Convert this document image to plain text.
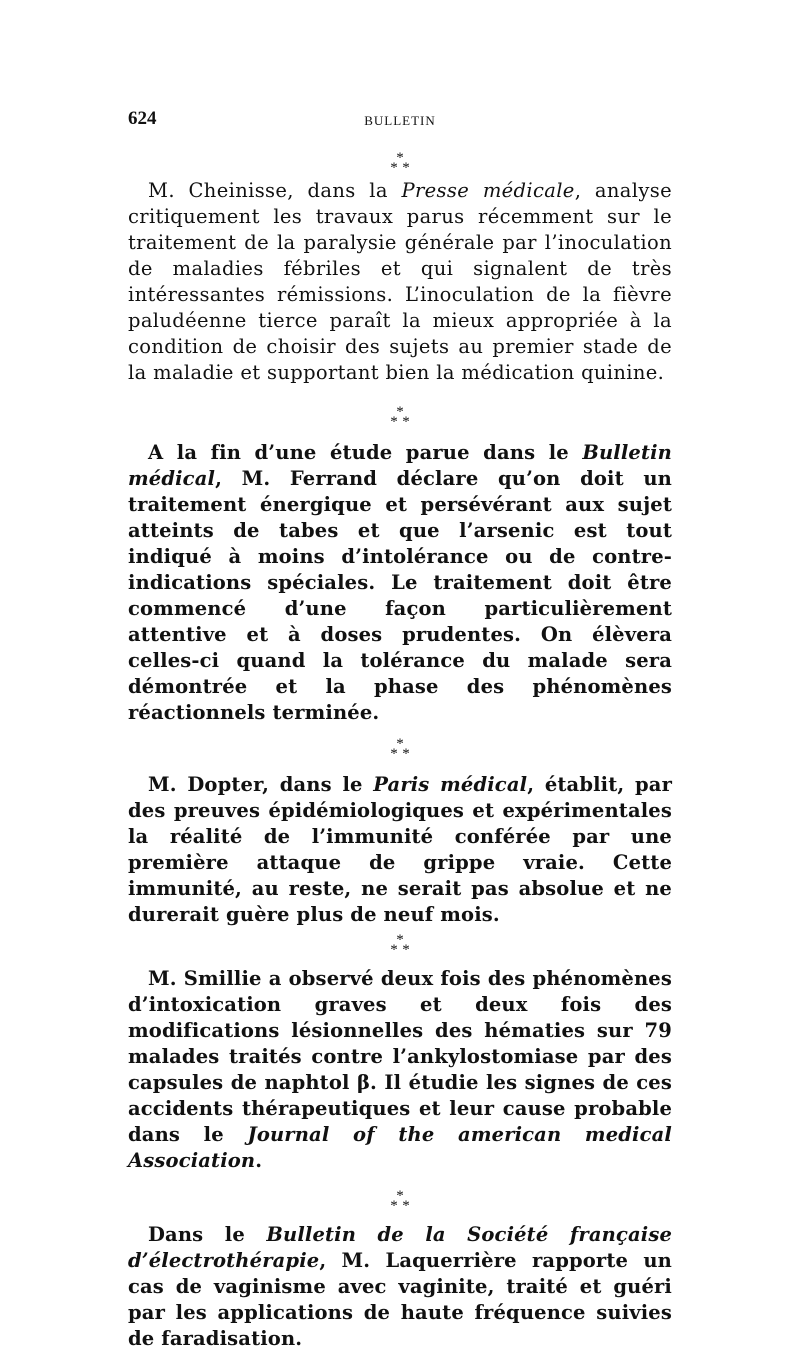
624	BULLETIN
*
* *

M. Cheinisse, dans la Presse médicale, analyse critiquement les travaux parus récemment sur le traitement de la paralysie générale par l’inoculation de maladies fébriles et qui signalent de très intéressantes rémissions. L’inoculation de la fièvre paludéenne tierce paraît la mieux appropriée à la condition de choisir des sujets au premier stade de la maladie et supportant bien la médication quinine.

*
* *

A la fin d’une étude parue dans le Bulletin médical, M. Ferrand déclare qu’on doit un traitement énergique et persévérant aux sujet atteints de tabes et que l’arsenic est tout indiqué à moins d’intolérance ou de contre-indications spéciales. Le traitement doit être commencé d’une façon particulièrement attentive et à doses prudentes. On élèvera celles-ci quand la tolérance du malade sera démontrée et la phase des phénomènes réactionnels terminée.

*
* *

M. Dopter, dans le Paris médical, établit, par des preuves épidémiologiques et expérimentales la réalité de l’immunité conférée par une première attaque de grippe vraie. Cette immunité, au reste, ne serait pas absolue et ne durerait guère plus de neuf mois.

*
* *

M. Smillie a observé deux fois des phénomènes d’intoxication graves et deux fois des modifications lésionnelles des hématies sur 79 malades traités contre l’ankylostomiase par des capsules de naphtol β. Il étudie les signes de ces accidents thérapeutiques et leur cause probable dans le Journal of the american medical Association.

*
* *

Dans le Bulletin de la Société française d’électrothérapie, M. Laquerrière rapporte un cas de vaginisme avec vaginite, traité et guéri par les applications de haute fréquence suivies de faradisation.
